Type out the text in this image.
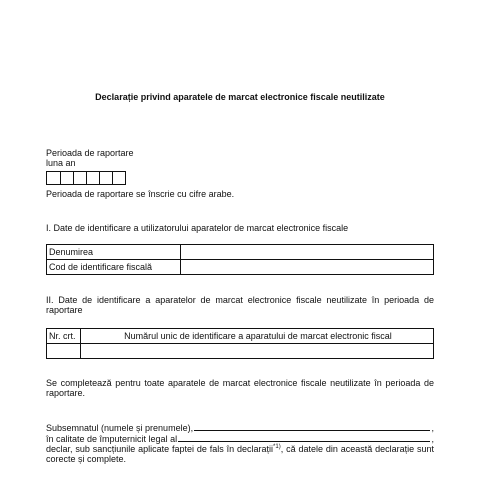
Declarație privind aparatele de marcat electronice fiscale neutilizate
Perioada de raportare
luna an
Perioada de raportare se înscrie cu cifre arabe.
I. Date de identificare a utilizatorului aparatelor de marcat electronice fiscale
Denumirea	
Cod de identificare fiscală	
II. Date de identificare a aparatelor de marcat electronice fiscale neutilizate în perioada de raportare
Nr. crt.	Numărul unic de identificare a aparatului de marcat electronic fiscal

Se completează pentru toate aparatele de marcat electronice fiscale neutilizate în perioada de raportare.
Subsemnatul (numele și prenumele),	,
în calitate de împuternicit legal al	,
declar, sub sancțiunile aplicate faptei de fals în declarații$^{*1)}$, că datele din această declarație sunt corecte și complete.
